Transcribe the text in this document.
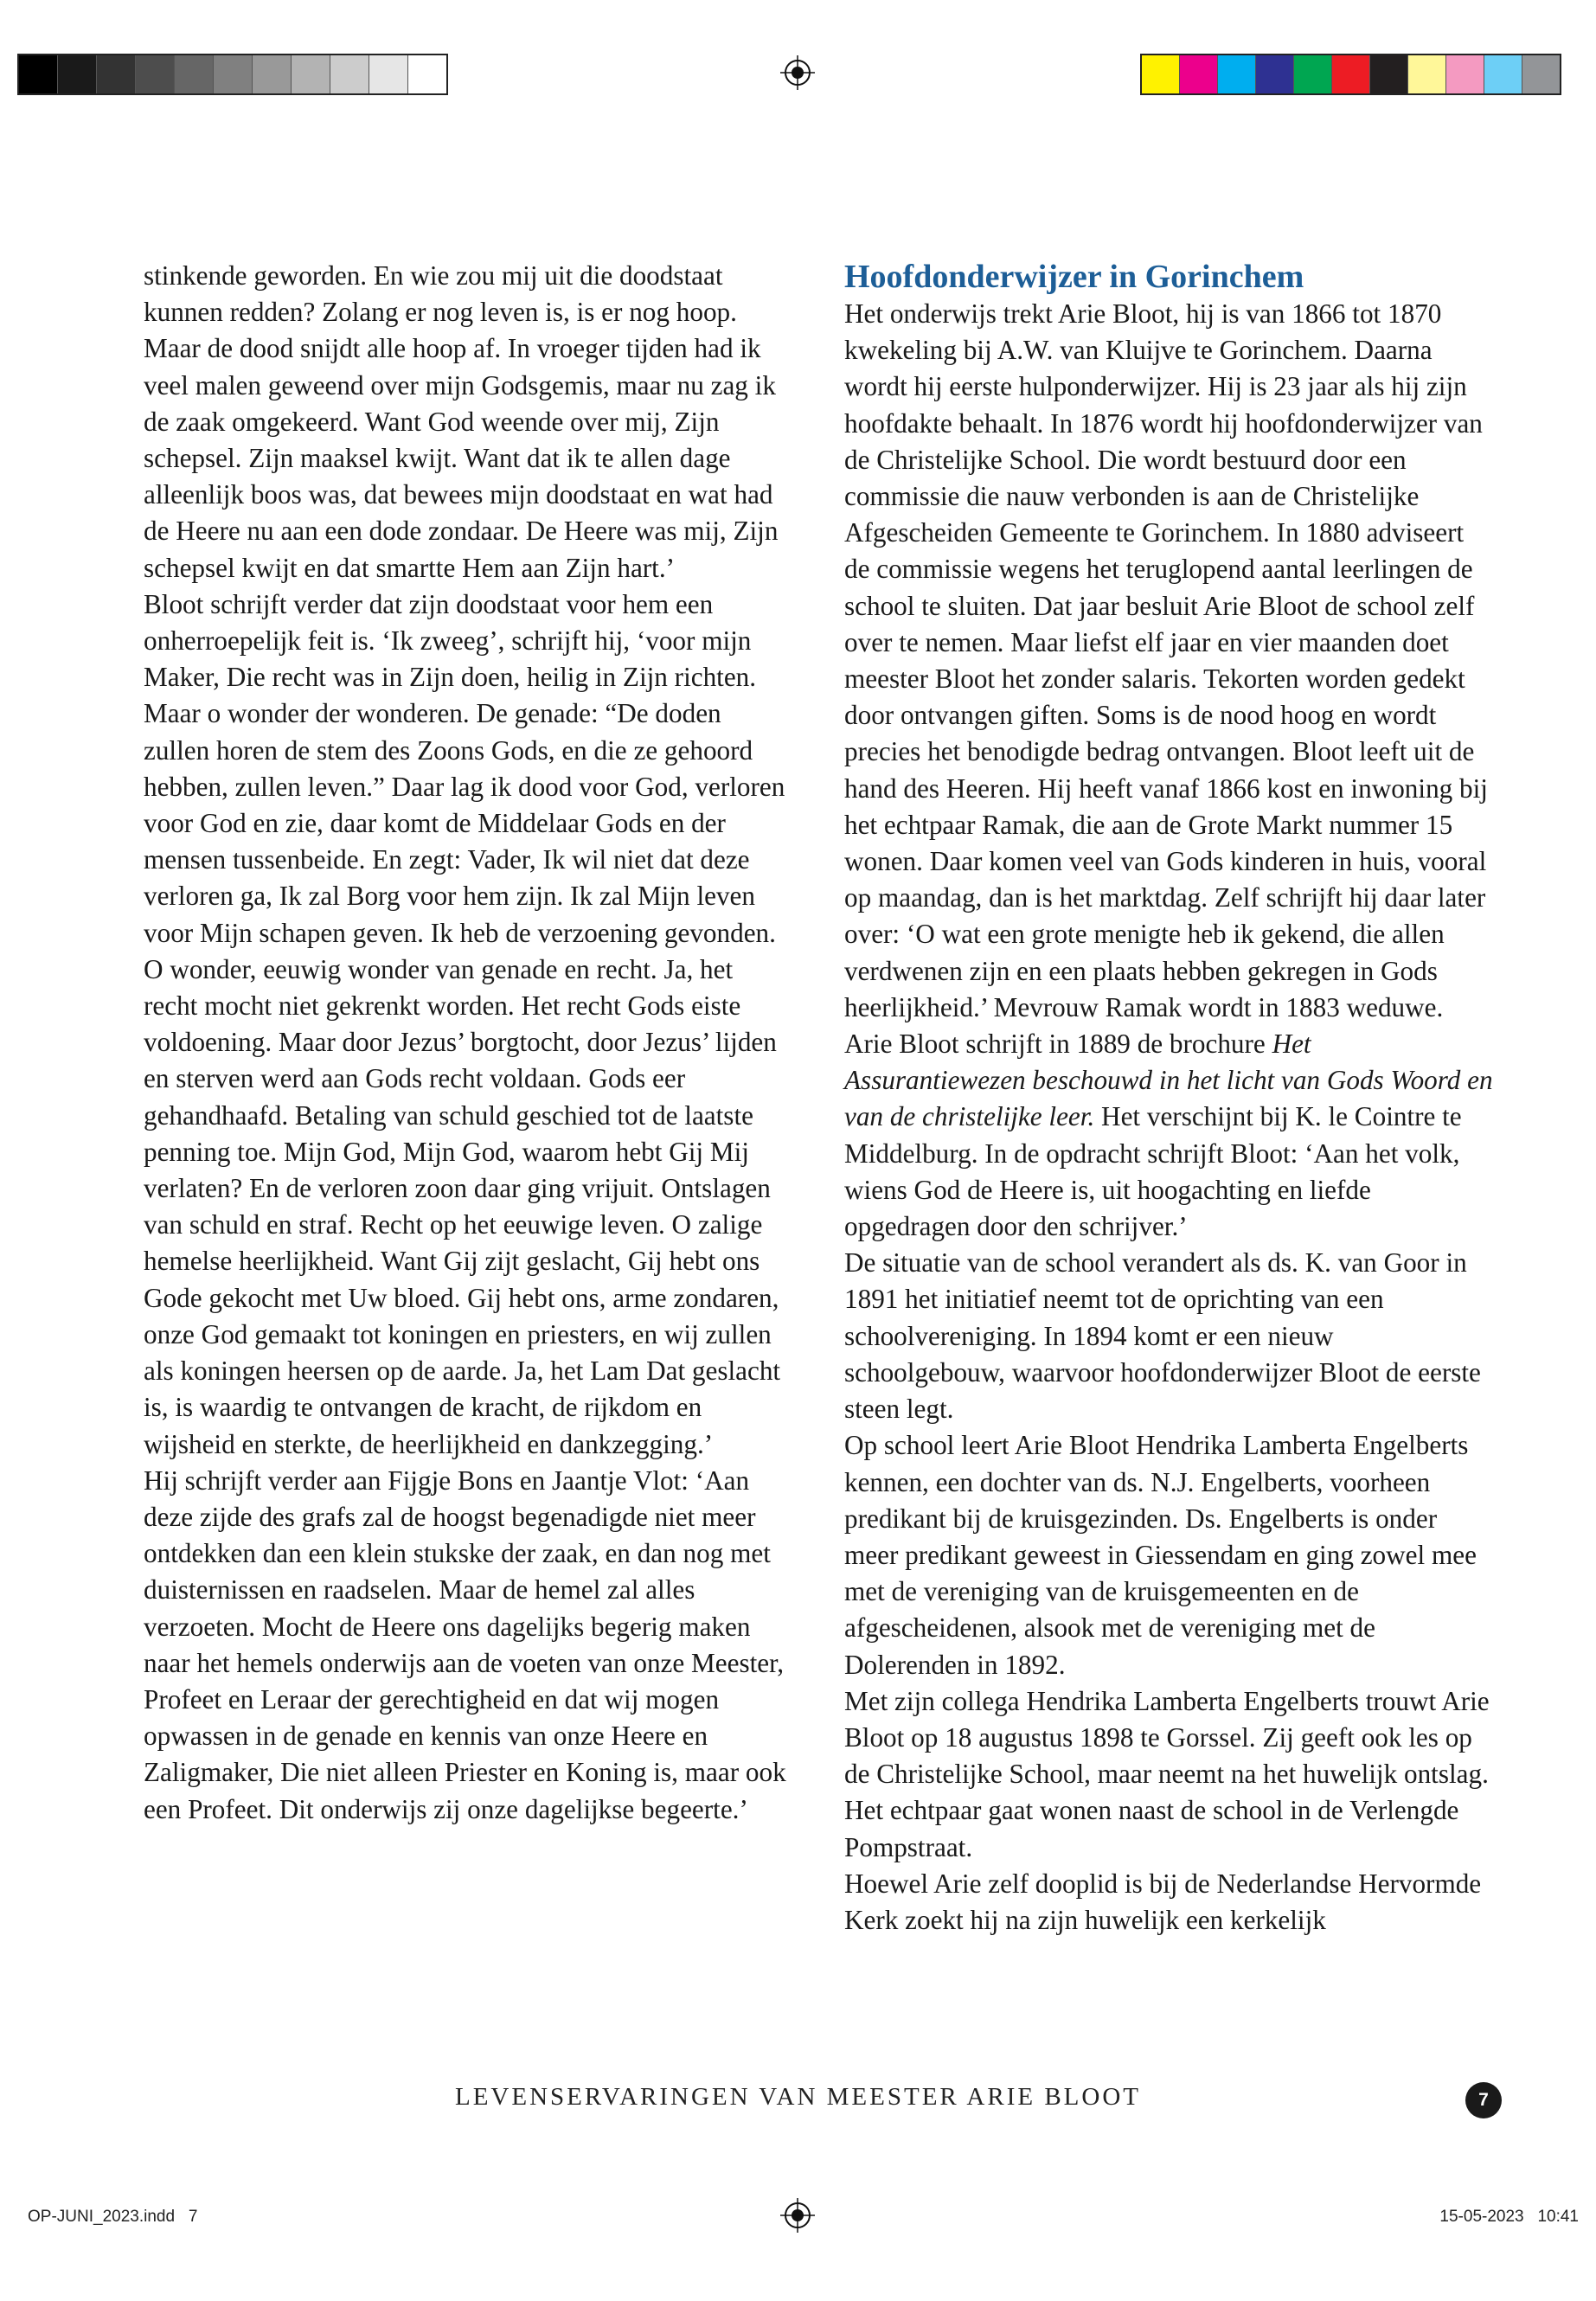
stinkende geworden. En wie zou mij uit die doodstaat kunnen redden? Zolang er nog leven is, is er nog hoop. Maar de dood snijdt alle hoop af. In vroeger tijden had ik veel malen geweend over mijn Godsgemis, maar nu zag ik de zaak omgekeerd. Want God weende over mij, Zijn schepsel. Zijn maaksel kwijt. Want dat ik te allen dage alleenlijk boos was, dat bewees mijn doodstaat en wat had de Heere nu aan een dode zondaar. De Heere was mij, Zijn schepsel kwijt en dat smartte Hem aan Zijn hart.’

Bloot schrijft verder dat zijn doodstaat voor hem een onherroepelijk feit is. ‘Ik zweeg’, schrijft hij, ‘voor mijn Maker, Die recht was in Zijn doen, heilig in Zijn richten. Maar o wonder der wonderen. De genade: “De doden zullen horen de stem des Zoons Gods, en die ze gehoord hebben, zullen leven.” Daar lag ik dood voor God, verloren voor God en zie, daar komt de Middelaar Gods en der mensen tussenbeide. En zegt: Vader, Ik wil niet dat deze verloren ga, Ik zal Borg voor hem zijn. Ik zal Mijn leven voor Mijn schapen geven. Ik heb de verzoening gevonden. O wonder, eeuwig wonder van genade en recht. Ja, het recht mocht niet gekrenkt worden. Het recht Gods eiste voldoening. Maar door Jezus’ borgtocht, door Jezus’ lijden en sterven werd aan Gods recht voldaan. Gods eer gehandhaafd. Betaling van schuld geschied tot de laatste penning toe. Mijn God, Mijn God, waarom hebt Gij Mij verlaten? En de verloren zoon daar ging vrijuit. Ontslagen van schuld en straf. Recht op het eeuwige leven. O zalige hemelse heerlijkheid. Want Gij zijt geslacht, Gij hebt ons Gode gekocht met Uw bloed. Gij hebt ons, arme zondaren, onze God gemaakt tot koningen en priesters, en wij zullen als koningen heersen op de aarde. Ja, het Lam Dat geslacht is, is waardig te ontvangen de kracht, de rijkdom en wijsheid en sterkte, de heerlijkheid en dankzegging.’

Hij schrijft verder aan Fijgje Bons en Jaantje Vlot: ‘Aan deze zijde des grafs zal de hoogst begenadigde niet meer ontdekken dan een klein stukske der zaak, en dan nog met duisternissen en raadselen. Maar de hemel zal alles verzoeten. Mocht de Heere ons dagelijks begerig maken naar het hemels onderwijs aan de voeten van onze Meester, Profeet en Leraar der gerechtigheid en dat wij mogen opwassen in de genade en kennis van onze Heere en Zaligmaker, Die niet alleen Priester en Koning is, maar ook een Profeet. Dit onderwijs zij onze dagelijkse begeerte.’

Hoofdonderwijzer in Gorinchem

Het onderwijs trekt Arie Bloot, hij is van 1866 tot 1870 kwekeling bij A.W. van Kluijve te Gorinchem. Daarna wordt hij eerste hulponderwijzer. Hij is 23 jaar als hij zijn hoofdakte behaalt. In 1876 wordt hij hoofdonderwijzer van de Christelijke School. Die wordt bestuurd door een commissie die nauw verbonden is aan de Christelijke Afgescheiden Gemeente te Gorinchem. In 1880 adviseert de commissie wegens het teruglopend aantal leerlingen de school te sluiten. Dat jaar besluit Arie Bloot de school zelf over te nemen. Maar liefst elf jaar en vier maanden doet meester Bloot het zonder salaris. Tekorten worden gedekt door ontvangen giften. Soms is de nood hoog en wordt precies het benodigde bedrag ontvangen. Bloot leeft uit de hand des Heeren. Hij heeft vanaf 1866 kost en inwoning bij het echtpaar Ramak, die aan de Grote Markt nummer 15 wonen. Daar komen veel van Gods kinderen in huis, vooral op maandag, dan is het marktdag. Zelf schrijft hij daar later over: ‘O wat een grote menigte heb ik gekend, die allen verdwenen zijn en een plaats hebben gekregen in Gods heerlijkheid.’ Mevrouw Ramak wordt in 1883 weduwe.

Arie Bloot schrijft in 1889 de brochure Het Assurantiewezen beschouwd in het licht van Gods Woord en van de christelijke leer. Het verschijnt bij K. le Cointre te Middelburg. In de opdracht schrijft Bloot: ‘Aan het volk, wiens God de Heere is, uit hoogachting en liefde opgedragen door den schrijver.’

De situatie van de school verandert als ds. K. van Goor in 1891 het initiatief neemt tot de oprichting van een schoolvereniging. In 1894 komt er een nieuw schoolgebouw, waarvoor hoofdonderwijzer Bloot de eerste steen legt.

Op school leert Arie Bloot Hendrika Lamberta Engelberts kennen, een dochter van ds. N.J. Engelberts, voorheen predikant bij de kruisgezinden. Ds. Engelberts is onder meer predikant geweest in Giessendam en ging zowel mee met de vereniging van de kruisgemeenten en de afgescheidenen, alsook met de vereniging met de Dolerenden in 1892.

Met zijn collega Hendrika Lamberta Engelberts trouwt Arie Bloot op 18 augustus 1898 te Gorssel. Zij geeft ook les op de Christelijke School, maar neemt na het huwelijk ontslag. Het echtpaar gaat wonen naast de school in de Verlengde Pompstraat.

Hoewel Arie zelf dooplid is bij de Nederlandse Hervormde Kerk zoekt hij na zijn huwelijk een kerkelijk

LEVENSERVARINGEN VAN MEESTER ARIE BLOOT	7
OP-JUNI_2023.indd   7	15-05-2023   10:41
